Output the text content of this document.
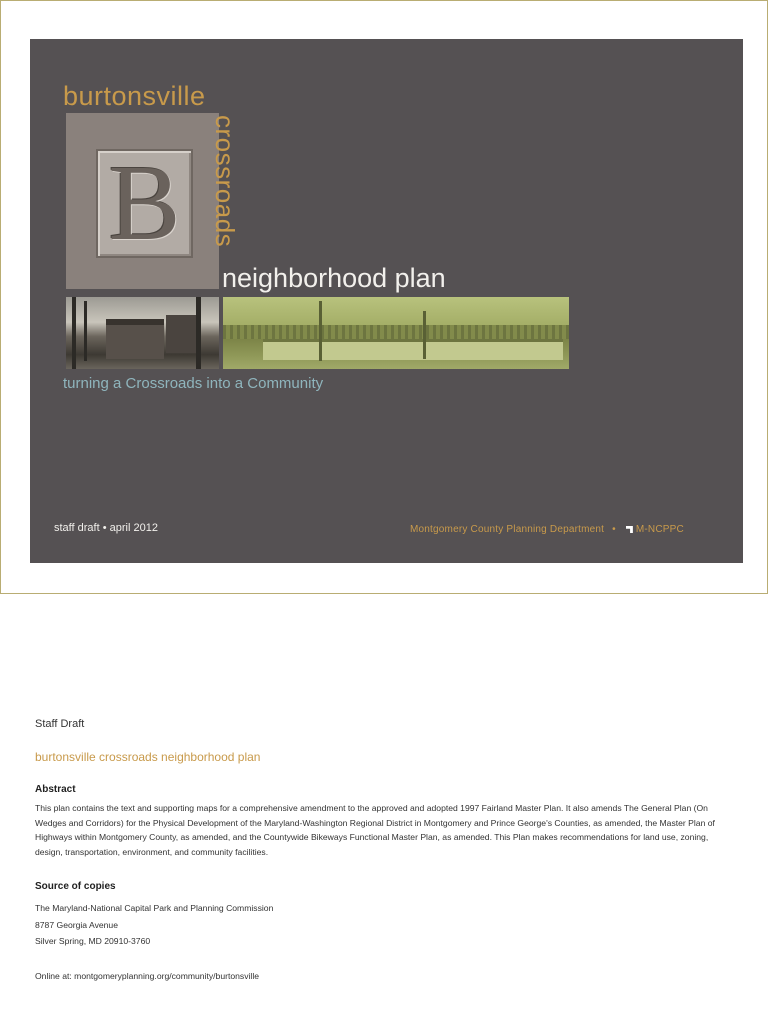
burtonsville
B	crossroads
neighborhood plan
turning a Crossroads into a Community
staff draft • april 2012	Montgomery County Planning Department • M-NCPPC
Staff Draft
burtonsville crossroads neighborhood plan
Abstract

This plan contains the text and supporting maps for a comprehensive amendment to the approved and adopted 1997 Fairland Master Plan. It also amends The General Plan (On Wedges and Corridors) for the Physical Development of the Maryland-Washington Regional District in Montgomery and Prince George's Counties, as amended, the Master Plan of Highways within Montgomery County, as amended, and the Countywide Bikeways Functional Master Plan, as amended. This Plan makes recommendations for land use, zoning, design, transportation, environment, and community facilities.

Source of copies
The Maryland-National Capital Park and Planning Commission
8787 Georgia Avenue
Silver Spring, MD 20910-3760
Online at: montgomeryplanning.org/community/burtonsville
